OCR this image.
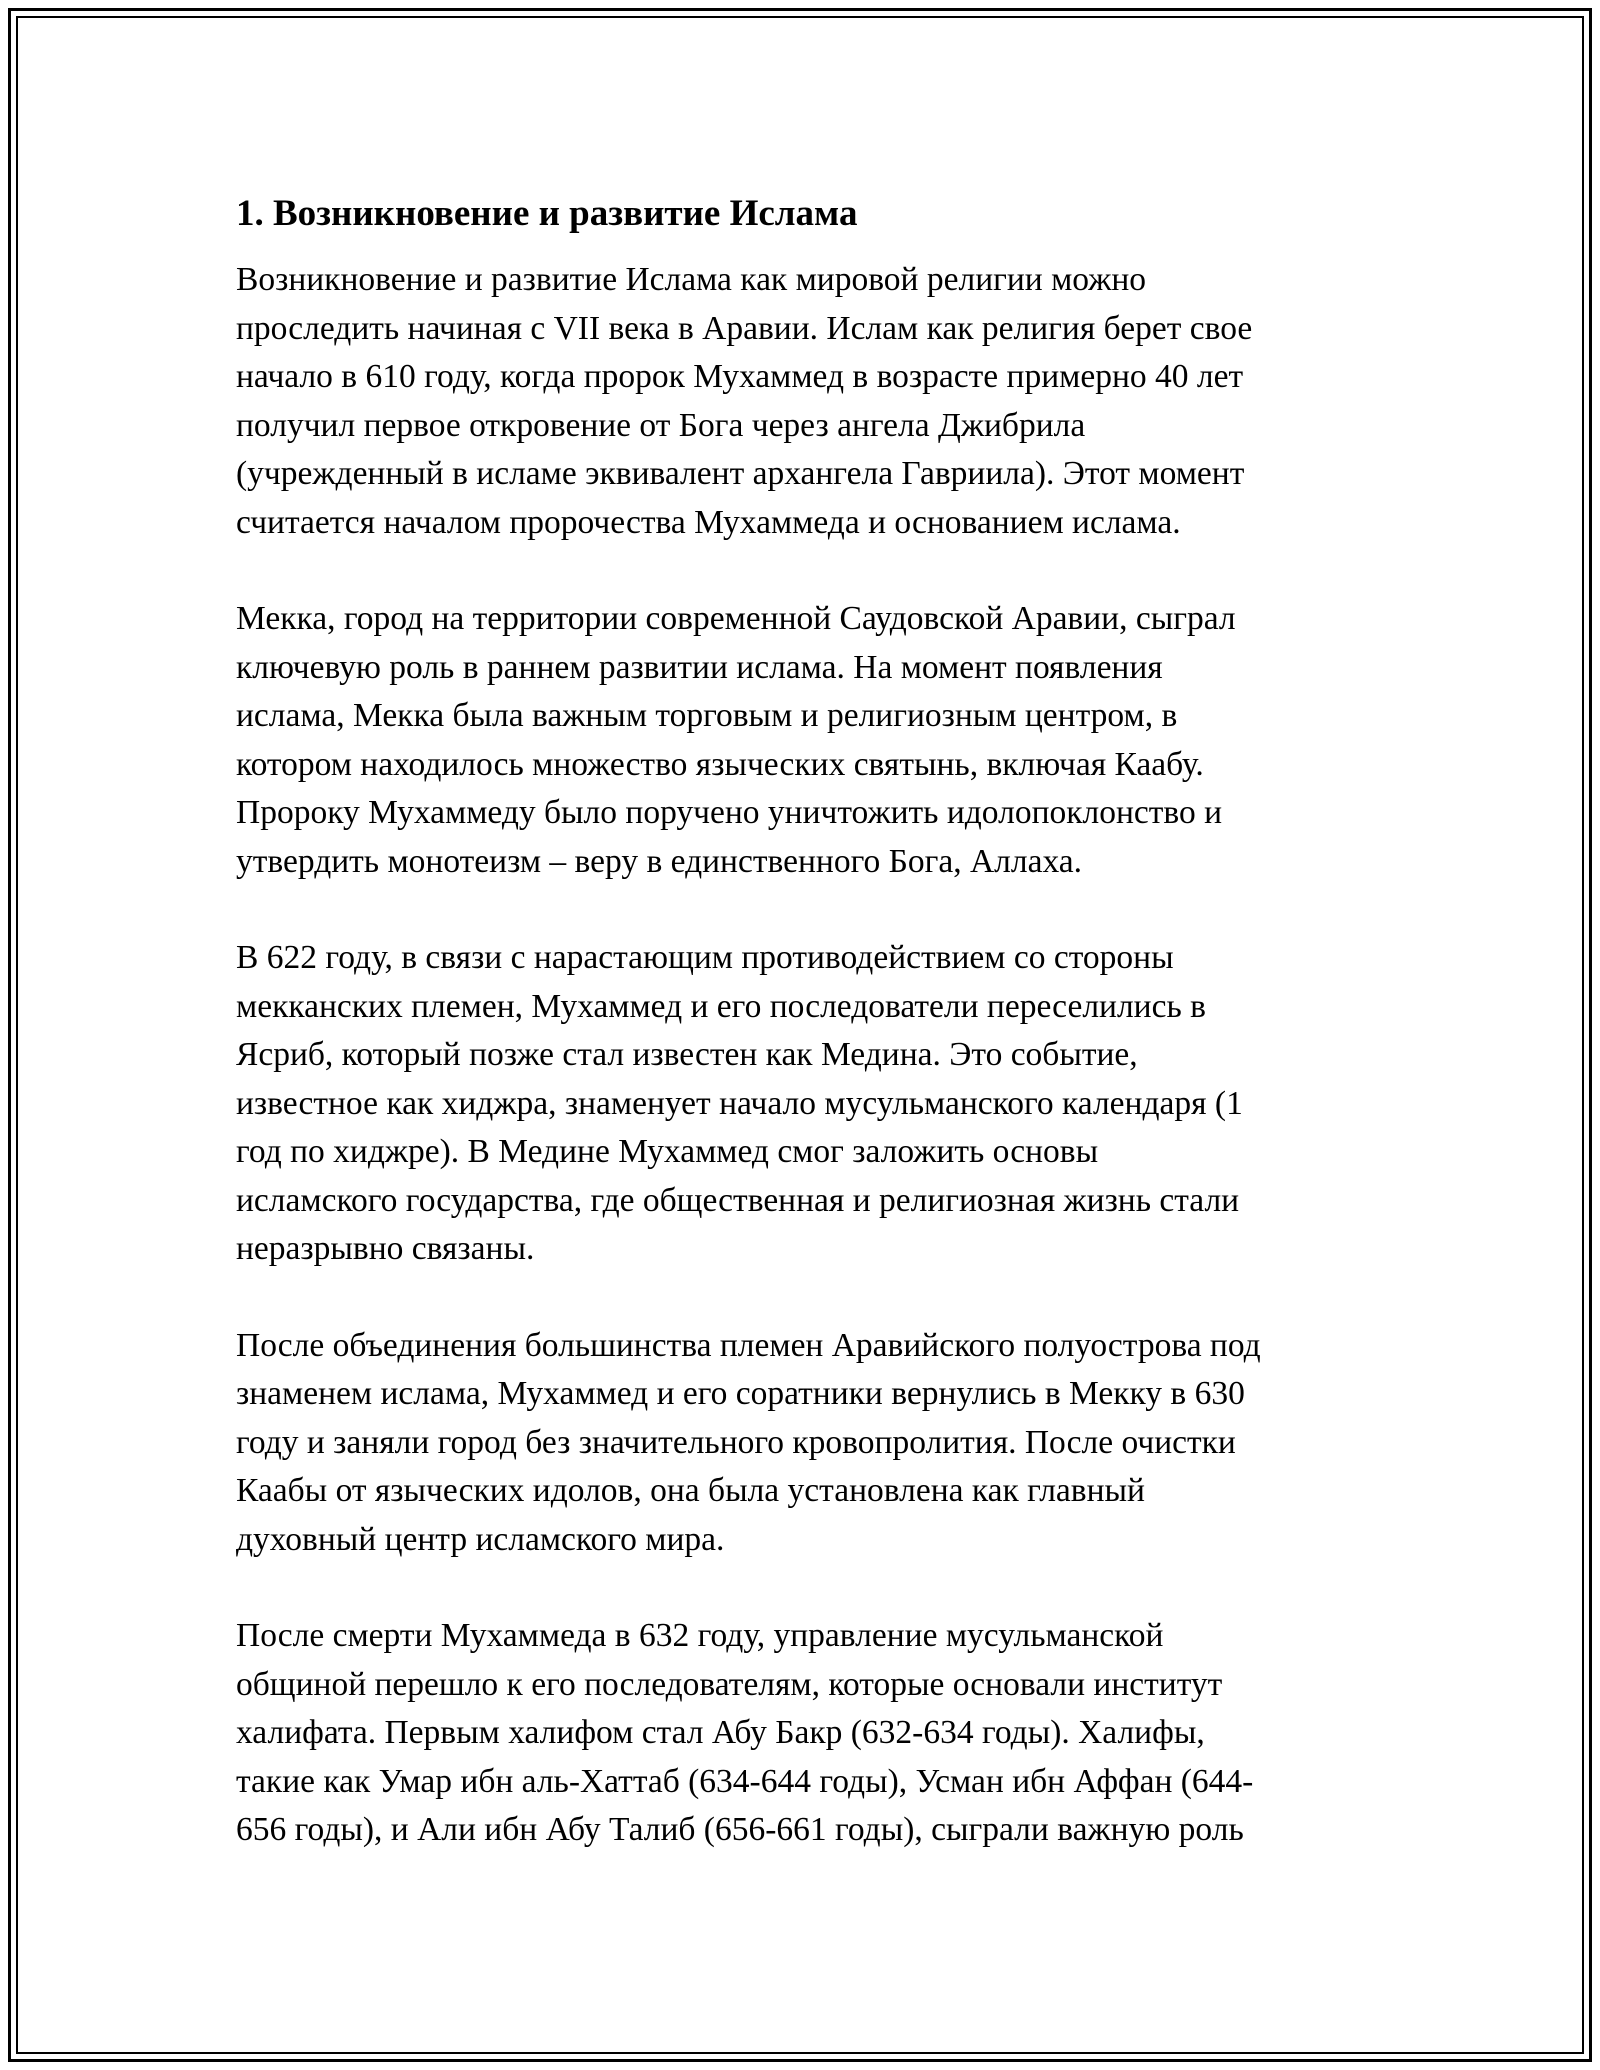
1. Возникновение и развитие Ислама

Возникновение и развитие Ислама как мировой религии можно
проследить начиная с VII века в Аравии. Ислам как религия берет свое
начало в 610 году, когда пророк Мухаммед в возрасте примерно 40 лет
получил первое откровение от Бога через ангела Джибрила
(учрежденный в исламе эквивалент архангела Гавриила). Этот момент
считается началом пророчества Мухаммеда и основанием ислама.

Мекка, город на территории современной Саудовской Аравии, сыграл
ключевую роль в раннем развитии ислама. На момент появления
ислама, Мекка была важным торговым и религиозным центром, в
котором находилось множество языческих святынь, включая Каабу.
Пророку Мухаммеду было поручено уничтожить идолопоклонство и
утвердить монотеизм – веру в единственного Бога, Аллаха.

В 622 году, в связи с нарастающим противодействием со стороны
мекканских племен, Мухаммед и его последователи переселились в
Ясриб, который позже стал известен как Медина. Это событие,
известное как хиджра, знаменует начало мусульманского календаря (1
год по хиджре). В Медине Мухаммед смог заложить основы
исламского государства, где общественная и религиозная жизнь стали
неразрывно связаны.

После объединения большинства племен Аравийского полуострова под
знаменем ислама, Мухаммед и его соратники вернулись в Мекку в 630
году и заняли город без значительного кровопролития. После очистки
Каабы от языческих идолов, она была установлена как главный
духовный центр исламского мира.

После смерти Мухаммеда в 632 году, управление мусульманской
общиной перешло к его последователям, которые основали институт
халифата. Первым халифом стал Абу Бакр (632-634 годы). Халифы,
такие как Умар ибн аль-Хаттаб (634-644 годы), Усман ибн Аффан (644-
656 годы), и Али ибн Абу Талиб (656-661 годы), сыграли важную роль
